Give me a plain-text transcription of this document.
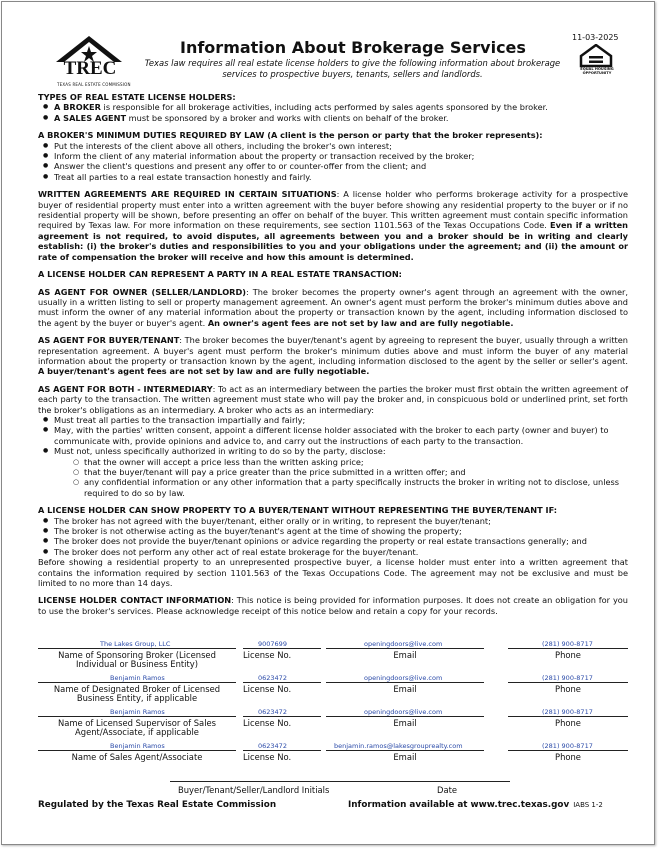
TREC
TEXAS REAL ESTATE COMMISSION
11-03-2025
EQUAL HOUSING OPPORTUNITY
Information About Brokerage Services
Texas law requires all real estate license holders to give the following information about brokerage services to prospective buyers, tenants, sellers and landlords.

TYPES OF REAL ESTATE LICENSE HOLDERS:

● A BROKER is responsible for all brokerage activities, including acts performed by sales agents sponsored by the broker.
● A SALES AGENT must be sponsored by a broker and works with clients on behalf of the broker.

A BROKER'S MINIMUM DUTIES REQUIRED BY LAW (A client is the person or party that the broker represents):

● Put the interests of the client above all others, including the broker's own interest;
● Inform the client of any material information about the property or transaction received by the broker;
● Answer the client's questions and present any offer to or counter-offer from the client; and
● Treat all parties to a real estate transaction honestly and fairly.

WRITTEN AGREEMENTS ARE REQUIRED IN CERTAIN SITUATIONS: A license holder who performs brokerage activity for a prospective buyer of residential property must enter into a written agreement with the buyer before showing any residential property to the buyer or if no residential property will be shown, before presenting an offer on behalf of the buyer. This written agreement must contain specific information required by Texas law. For more information on these requirements, see section 1101.563 of the Texas Occupations Code. Even if a written agreement is not required, to avoid disputes, all agreements between you and a broker should be in writing and clearly establish: (i) the broker's duties and responsibilities to you and your obligations under the agreement; and (ii) the amount or rate of compensation the broker will receive and how this amount is determined.

A LICENSE HOLDER CAN REPRESENT A PARTY IN A REAL ESTATE TRANSACTION:

AS AGENT FOR OWNER (SELLER/LANDLORD): The broker becomes the property owner's agent through an agreement with the owner, usually in a written listing to sell or property management agreement. An owner's agent must perform the broker's minimum duties above and must inform the owner of any material information about the property or transaction known by the agent, including information disclosed to the agent by the buyer or buyer's agent. An owner's agent fees are not set by law and are fully negotiable.

AS AGENT FOR BUYER/TENANT: The broker becomes the buyer/tenant's agent by agreeing to represent the buyer, usually through a written representation agreement. A buyer's agent must perform the broker's minimum duties above and must inform the buyer of any material information about the property or transaction known by the agent, including information disclosed to the agent by the seller or seller's agent. A buyer/tenant's agent fees are not set by law and are fully negotiable.

AS AGENT FOR BOTH - INTERMEDIARY: To act as an intermediary between the parties the broker must first obtain the written agreement of each party to the transaction. The written agreement must state who will pay the broker and, in conspicuous bold or underlined print, set forth the broker's obligations as an intermediary. A broker who acts as an intermediary:

● Must treat all parties to the transaction impartially and fairly;
● May, with the parties' written consent, appoint a different license holder associated with the broker to each party (owner and buyer) to communicate with, provide opinions and advice to, and carry out the instructions of each party to the transaction.
● Must not, unless specifically authorized in writing to do so by the party, disclose:
○ that the owner will accept a price less than the written asking price;
○ that the buyer/tenant will pay a price greater than the price submitted in a written offer; and
○ any confidential information or any other information that a party specifically instructs the broker in writing not to disclose, unless required to do so by law.

A LICENSE HOLDER CAN SHOW PROPERTY TO A BUYER/TENANT WITHOUT REPRESENTING THE BUYER/TENANT IF:

● The broker has not agreed with the buyer/tenant, either orally or in writing, to represent the buyer/tenant;
● The broker is not otherwise acting as the buyer/tenant's agent at the time of showing the property;
● The broker does not provide the buyer/tenant opinions or advice regarding the property or real estate transactions generally; and
● The broker does not perform any other act of real estate brokerage for the buyer/tenant.

Before showing a residential property to an unrepresented prospective buyer, a license holder must enter into a written agreement that contains the information required by section 1101.563 of the Texas Occupations Code. The agreement may not be exclusive and must be limited to no more than 14 days.

LICENSE HOLDER CONTACT INFORMATION: This notice is being provided for information purposes. It does not create an obligation for you to use the broker's services. Please acknowledge receipt of this notice below and retain a copy for your records.

The Lakes Group, LLC	9007699	openingdoors@live.com	(281) 900-8717
Name of Sponsoring Broker (Licensed Individual or Business Entity)
License No.	Email	Phone
Benjamin Ramos	0623472	openingdoors@live.com	(281) 900-8717
Name of Designated Broker of Licensed Business Entity, if applicable
License No.	Email	Phone
Benjamin Ramos	0623472	openingdoors@live.com	(281) 900-8717
Name of Licensed Supervisor of Sales Agent/Associate, if applicable
License No.	Email	Phone
Benjamin Ramos	0623472	benjamin.ramos@lakesgrouprealty.com	(281) 900-8717
Name of Sales Agent/Associate	License No.	Email	Phone
Buyer/Tenant/Seller/Landlord Initials	Date
Regulated by the Texas Real Estate Commission	Information available at www.trec.texas.gov IABS 1-2
